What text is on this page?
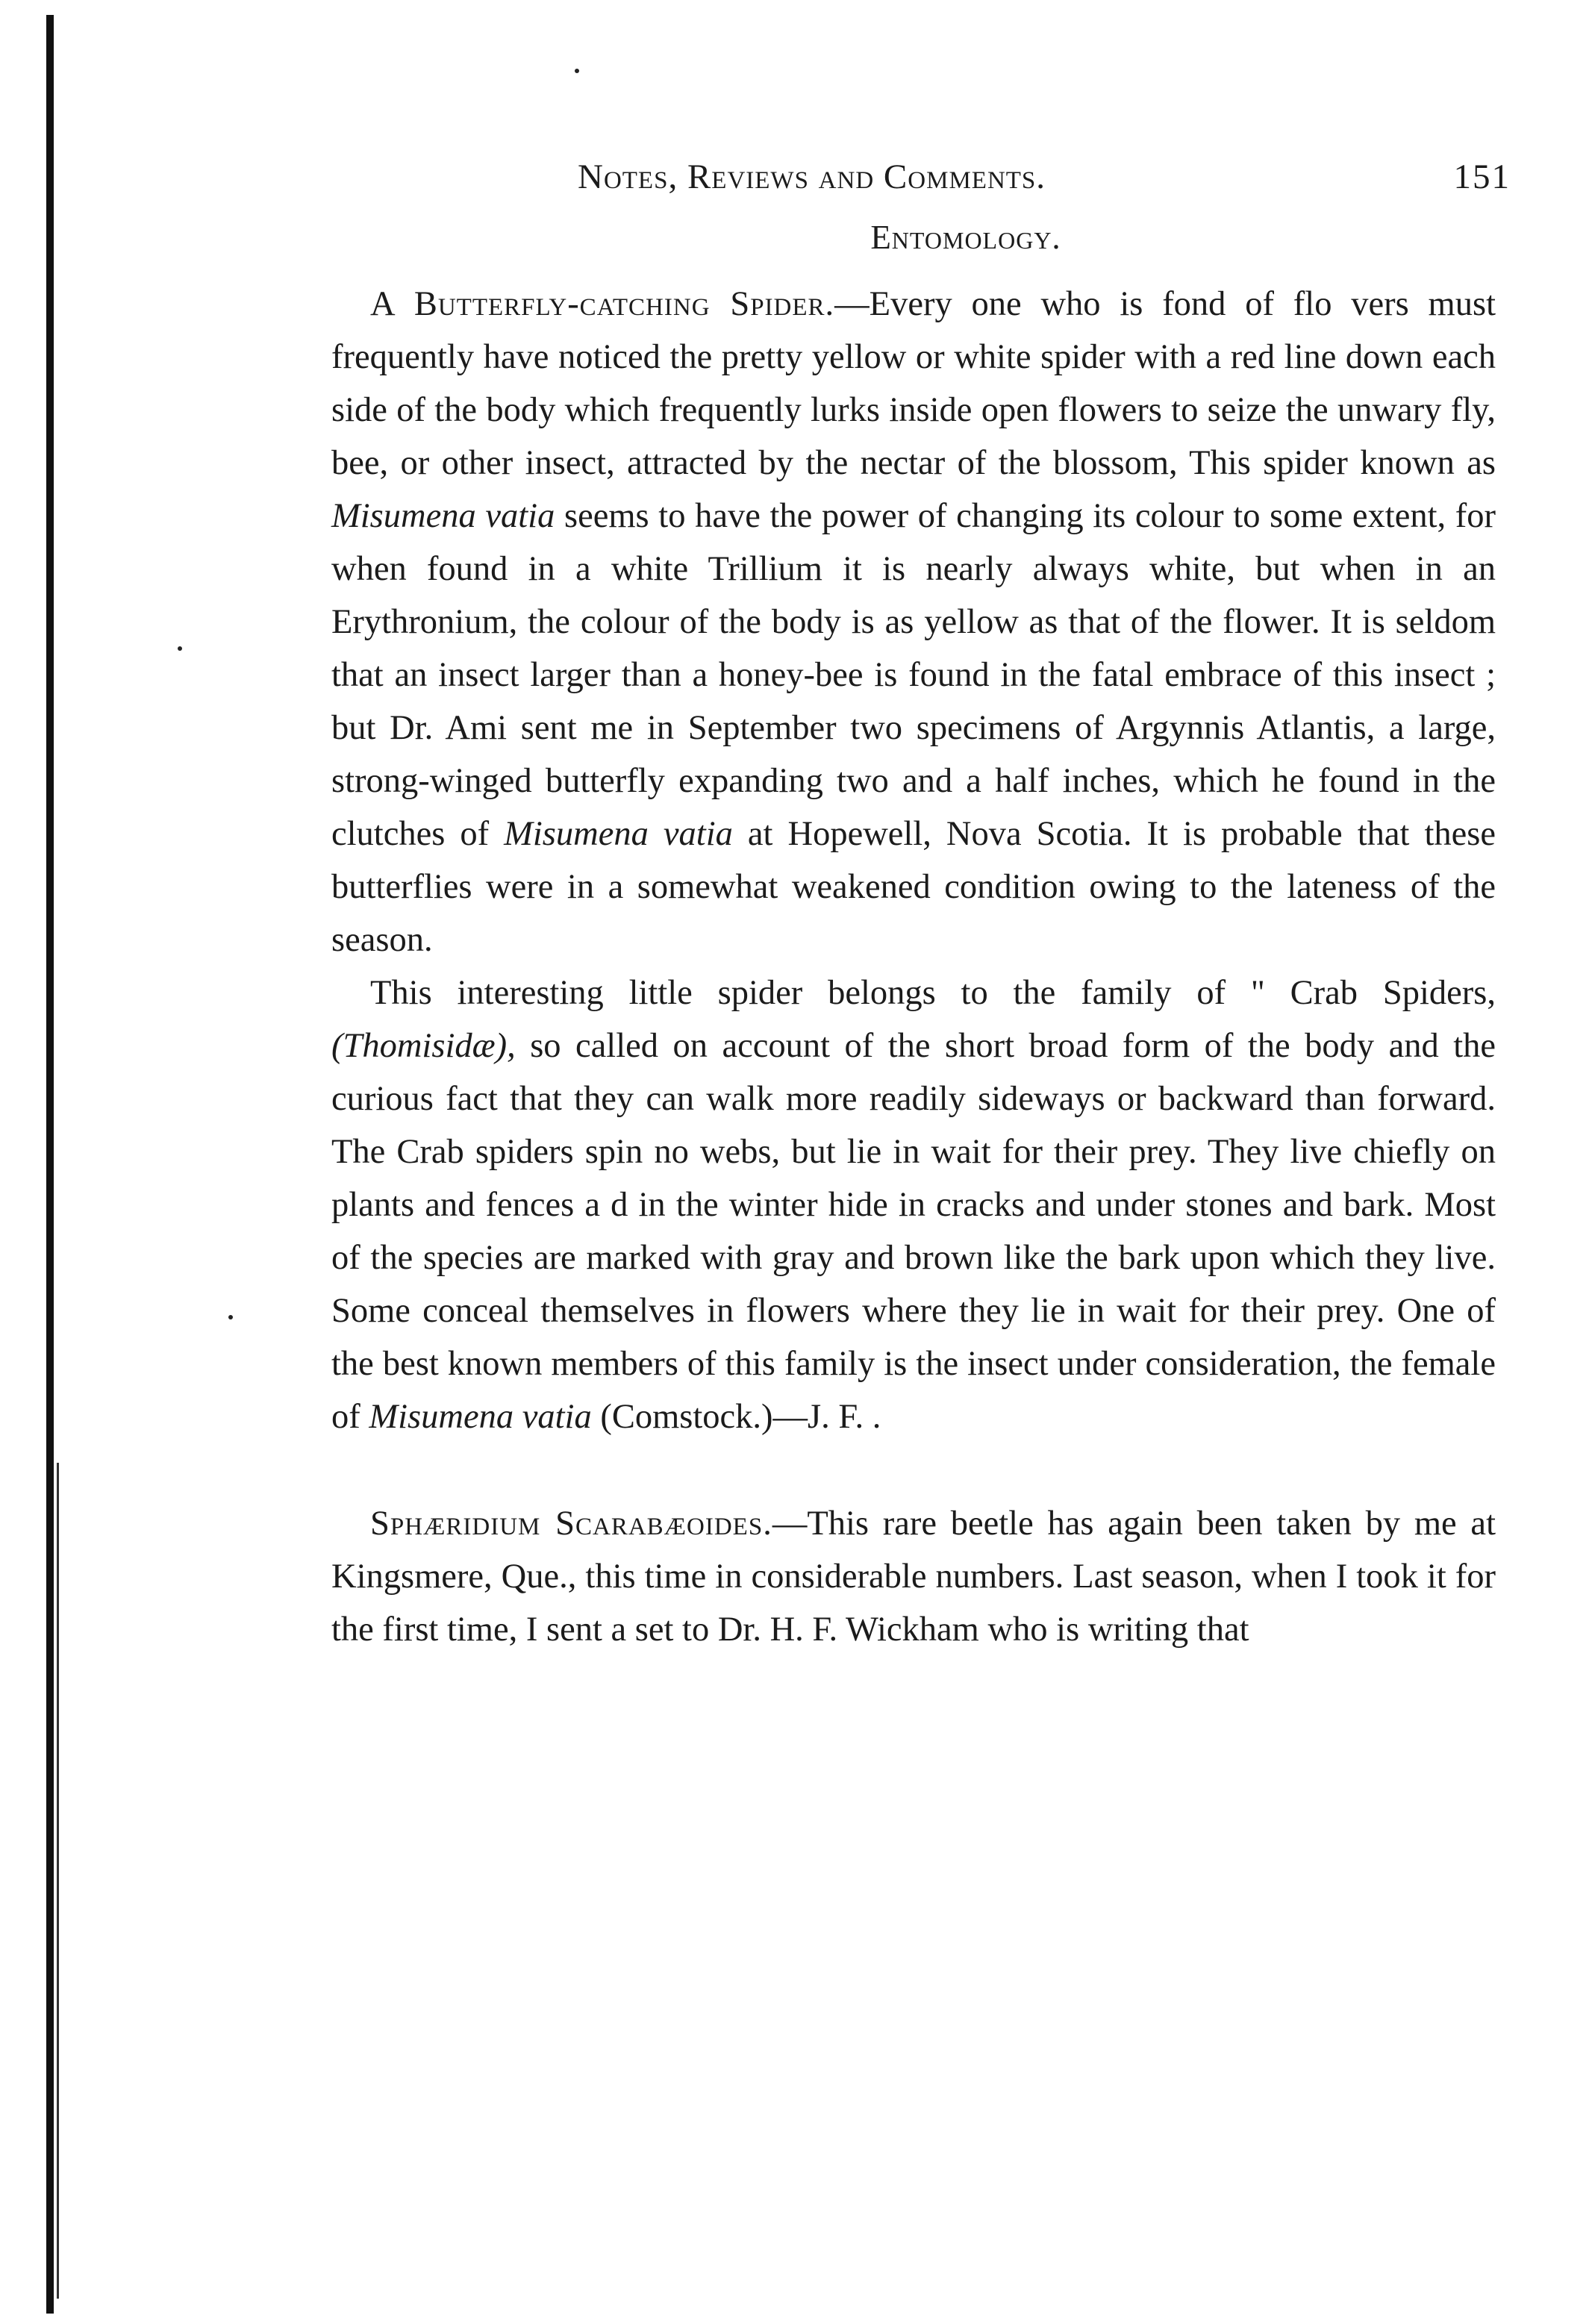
Notes, Reviews and Comments.	151
Entomology.

A Butterfly-catching Spider.—Every one who is fond of flo vers must frequently have noticed the pretty yellow or white spider with a red line down each side of the body which frequently lurks inside open flowers to seize the unwary fly, bee, or other insect, attracted by the nectar of the blossom, This spider known as Misumena vatia seems to have the power of changing its colour to some extent, for when found in a white Trillium it is nearly always white, but when in an Erythronium, the colour of the body is as yellow as that of the flower. It is seldom that an insect larger than a honey-bee is found in the fatal embrace of this insect ; but Dr. Ami sent me in September two specimens of Argynnis Atlantis, a large, strong-winged butterfly expanding two and a half inches, which he found in the clutches of Misumena vatia at Hopewell, Nova Scotia. It is probable that these butterflies were in a somewhat weakened condition owing to the lateness of the season.

This interesting little spider belongs to the family of " Crab Spiders, (Thomisidæ), so called on account of the short broad form of the body and the curious fact that they can walk more readily sideways or backward than forward. The Crab spiders spin no webs, but lie in wait for their prey. They live chiefly on plants and fences a d in the winter hide in cracks and under stones and bark. Most of the species are marked with gray and brown like the bark upon which they live. Some conceal themselves in flowers where they lie in wait for their prey. One of the best known members of this family is the insect under consideration, the female of Misumena vatia (Comstock.)—J. F. .

Sphæridium Scarabæoides.—This rare beetle has again been taken by me at Kingsmere, Que., this time in considerable numbers. Last season, when I took it for the first time, I sent a set to Dr. H. F. Wickham who is writing that
